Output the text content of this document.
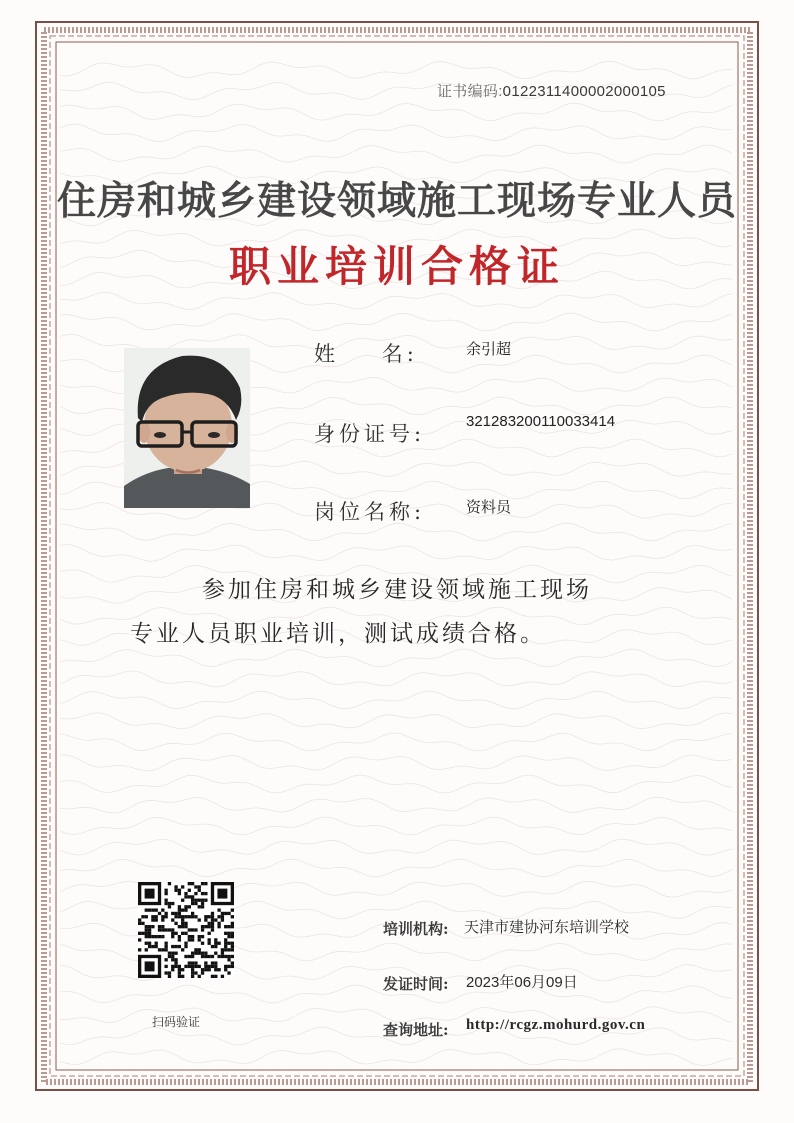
证书编码:0122311400002000105
住房和城乡建设领域施工现场专业人员
职业培训合格证
姓    名:	余引超
身份证号:
321283200110033414
岗位名称:	资料员
参加住房和城乡建设领域施工现场
专业人员职业培训，测试成绩合格。
扫码验证
培训机构: 天津市建协河东培训学校
发证时间: 2023年06月09日
查询地址: http://rcgz.mohurd.gov.cn
